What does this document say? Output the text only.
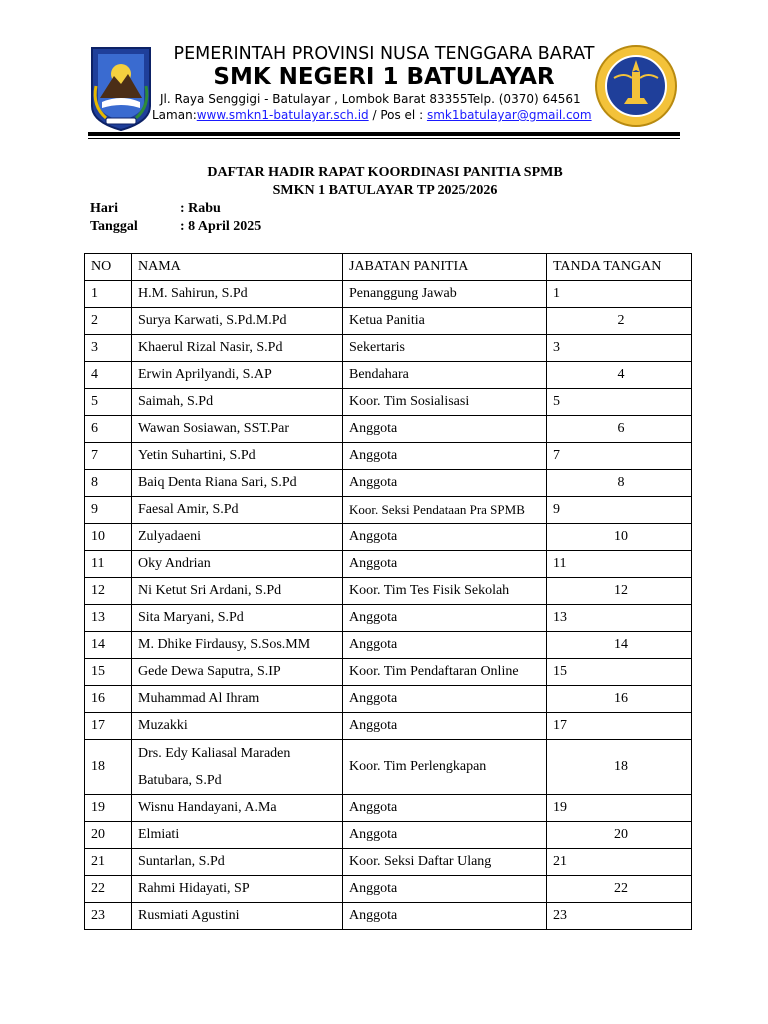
PEMERINTAH PROVINSI NUSA TENGGARA BARAT
SMK NEGERI 1 BATULAYAR
Jl. Raya Senggigi - Batulayar , Lombok Barat 83355Telp. (0370) 64561
Laman:www.smkn1-batulayar.sch.id / Pos el : smk1batulayar@gmail.com
DAFTAR HADIR RAPAT KOORDINASI PANITIA SPMB
SMKN 1 BATULAYAR TP 2025/2026
Hari	: Rabu
Tanggal	: 8 April 2025
NO	NAMA	JABATAN PANITIA	TANDA TANGAN
1	H.M. Sahirun, S.Pd	Penanggung Jawab	1
2	Surya Karwati, S.Pd.M.Pd	Ketua Panitia	2
3	Khaerul Rizal Nasir, S.Pd	Sekertaris	3
4	Erwin Aprilyandi, S.AP	Bendahara	4
5	Saimah, S.Pd	Koor. Tim Sosialisasi	5
6	Wawan Sosiawan, SST.Par	Anggota	6
7	Yetin Suhartini, S.Pd	Anggota	7
8	Baiq Denta Riana Sari, S.Pd	Anggota	8
9	Faesal Amir, S.Pd	Koor. Seksi Pendataan Pra SPMB	9
10	Zulyadaeni	Anggota	10
11	Oky Andrian	Anggota	11
12	Ni Ketut Sri Ardani, S.Pd	Koor. Tim Tes Fisik Sekolah	12
13	Sita Maryani, S.Pd	Anggota	13
14	M. Dhike Firdausy, S.Sos.MM	Anggota	14
15	Gede Dewa Saputra, S.IP	Koor. Tim Pendaftaran Online	15
16	Muhammad Al Ihram	Anggota	16
17	Muzakki	Anggota	17
18	Drs. Edy Kaliasal Maraden Batubara, S.Pd	Koor. Tim Perlengkapan	18
19	Wisnu Handayani, A.Ma	Anggota	19
20	Elmiati	Anggota	20
21	Suntarlan, S.Pd	Koor. Seksi Daftar Ulang	21
22	Rahmi Hidayati, SP	Anggota	22
23	Rusmiati Agustini	Anggota	23
